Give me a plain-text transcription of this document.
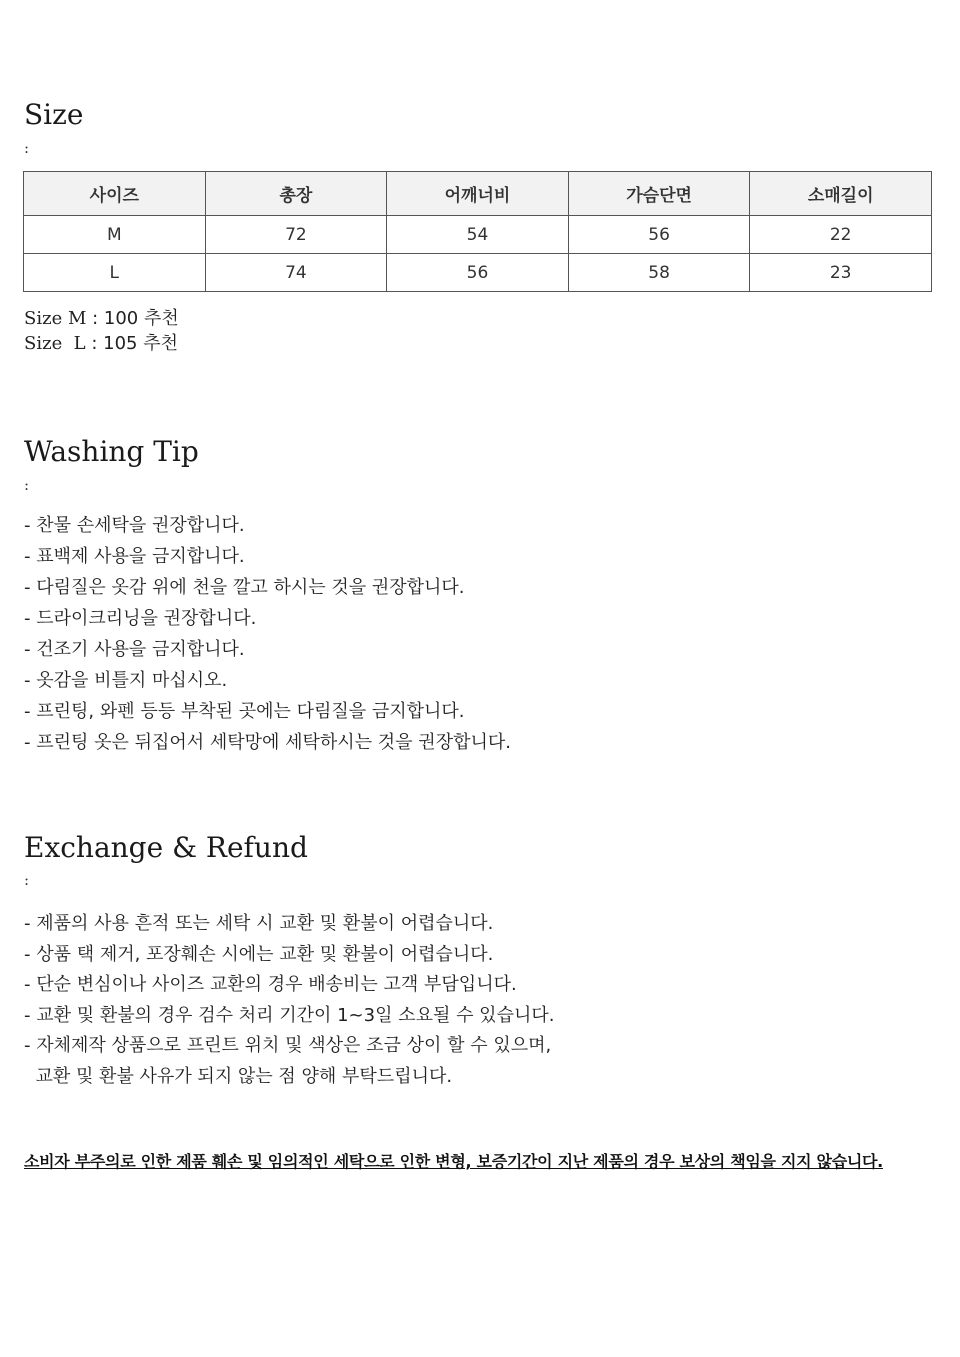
Size
:
사이즈	총장	어깨너비	가슴단면	소매길이
M	72	54	56	22
L	74	56	58	23
Size M : 100 추천
Size  L : 105 추천
Washing Tip
:
- 찬물 손세탁을 권장합니다.
- 표백제 사용을 금지합니다.
- 다림질은 옷감 위에 천을 깔고 하시는 것을 권장합니다.
- 드라이크리닝을 권장합니다.
- 건조기 사용을 금지합니다.
- 옷감을 비틀지 마십시오.
- 프린팅, 와펜 등등 부착된 곳에는 다림질을 금지합니다.
- 프린팅 옷은 뒤집어서 세탁망에 세탁하시는 것을 권장합니다.
Exchange & Refund
:
- 제품의 사용 흔적 또는 세탁 시 교환 및 환불이 어렵습니다.
- 상품 택 제거, 포장훼손 시에는 교환 및 환불이 어렵습니다.
- 단순 변심이나 사이즈 교환의 경우 배송비는 고객 부담입니다.
- 교환 및 환불의 경우 검수 처리 기간이 1~3일 소요될 수 있습니다.
- 자체제작 상품으로 프린트 위치 및 색상은 조금 상이 할 수 있으며,
교환 및 환불 사유가 되지 않는 점 양해 부탁드립니다.

소비자 부주의로 인한 제품 훼손 및 임의적인 세탁으로 인한 변형, 보증기간이 지난 제품의 경우 보상의 책임을 지지 않습니다.
